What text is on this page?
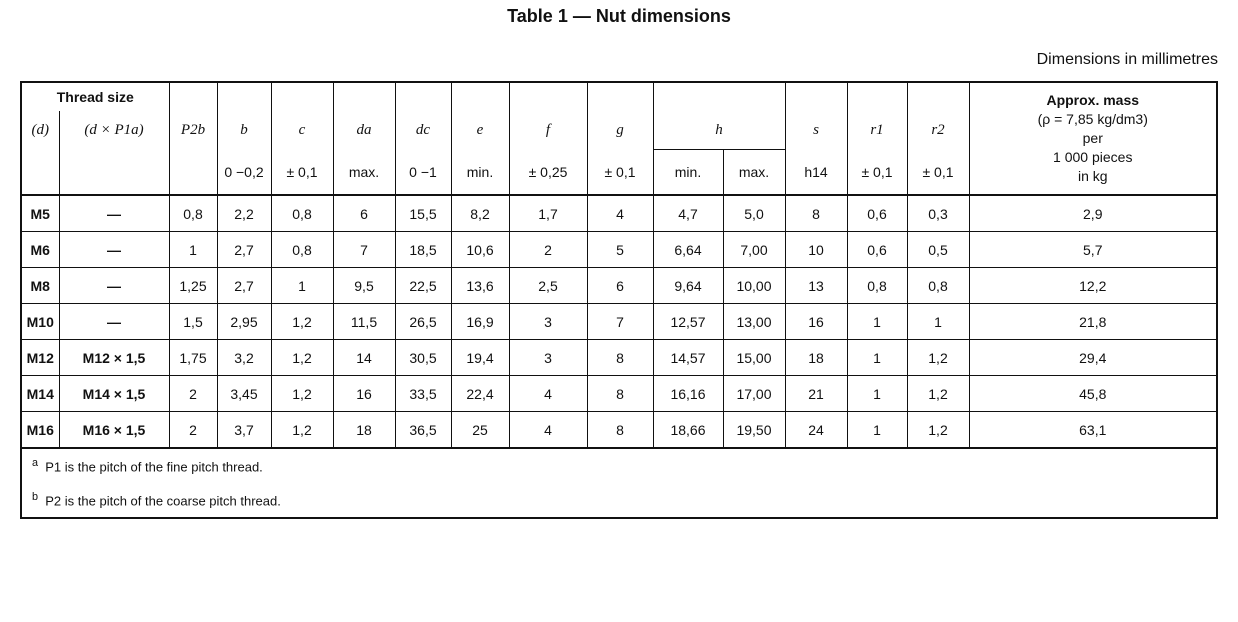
Table 1 — Nut dimensions
Dimensions in millimetres
Thread size															Approx. mass
(ρ = 7,85 kg/dm3)
per
1 000 pieces
in kg

(d)	(d × P1a)	P2b	b	c	da	dc	e	f	g	h		s	r1	r2	
			0 −0,2	± 0,1	max.	0 −1	min.	± 0,25	± 0,1	min.	max.	h14	± 0,1	± 0,1	
M5	—	0,8	2,2	0,8	6	15,5	8,2	1,7	4	4,7	5,0	8	0,6	0,3	2,9
M6	—	1	2,7	0,8	7	18,5	10,6	2	5	6,64	7,00	10	0,6	0,5	5,7
M8	—	1,25	2,7	1	9,5	22,5	13,6	2,5	6	9,64	10,00	13	0,8	0,8	12,2
M10	—	1,5	2,95	1,2	11,5	26,5	16,9	3	7	12,57	13,00	16	1	1	21,8
M12	M12 × 1,5	1,75	3,2	1,2	14	30,5	19,4	3	8	14,57	15,00	18	1	1,2	29,4
M14	M14 × 1,5	2	3,45	1,2	16	33,5	22,4	4	8	16,16	17,00	21	1	1,2	45,8
M16	M16 × 1,5	2	3,7	1,2	18	36,5	25	4	8	18,66	19,50	24	1	1,2	63,1
$^a$ P1 is the pitch of the fine pitch thread.															
$^b$ P2 is the pitch of the coarse pitch thread.															
